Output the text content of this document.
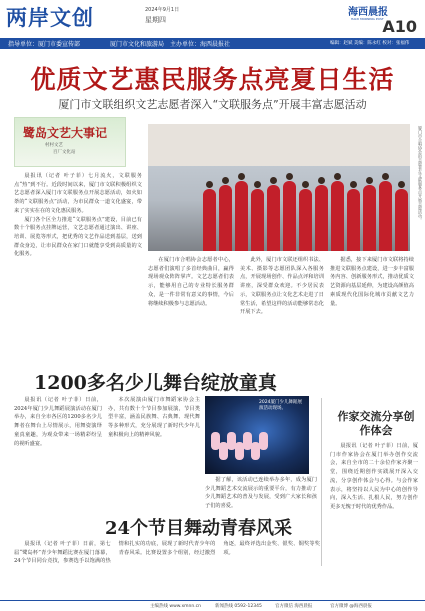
两岸文创	2024年9月1日
星期四
海西晨报
HAIXI MORNING POST
A10
指导单位：厦门市委宣传部	厦门市文化和旅游局 主办单位：海西晨报社	编辑：赵斌 美编：陈永红 校对：张福伟
优质文艺惠民服务点亮夏日生活
厦门市文联组织文艺志愿者深入“文联服务点”开展丰富志愿活动
鹭岛文艺大事记
村村文艺
百厂文化站	厦门市合唱协会的志愿者在文联服务点开展志愿活动。

晨报讯（记者 叶子菲）七月流火，文联服务点“热”到不行。近段时间以来，厦门市文联积极组织文艺志愿者深入厦门市文联服务点开展志愿活动，如火如荼的“文联服务点”活动，为市民群众一道文化盛宴，带来了实实在在的文化惠民服务。

厦门各个区全力推进“文联服务点”建设，目前已有数十个服务点挂牌运营，文艺志愿者通过演出、讲座、培训、展览等形式，把优秀的文艺作品送到基层，送到群众身边，让市民群众在家门口就能享受到高质量的文化服务。

在厦门市合唱协会志愿者中心，志愿者们演唱了多首经典曲目，赢得现场观众阵阵掌声。文艺志愿者们表示，能够用自己的专业特长服务群众，是一件非常有意义的事情，今后将继续积极参与志愿活动。

此外，厦门市文联还组织书法、美术、摄影等志愿团队深入各服务点，开展现场创作、作品点评和培训讲座，深受群众欢迎。不少居民表示，文联服务点让文化艺术走进了日常生活，希望这样的活动能够常态化开展下去。

据悉，接下来厦门市文联将持续推进文联服务点建设，进一步丰富服务内容、创新服务形式，推动优质文艺资源向基层延伸，为建设高颜值高素质现代化国际化城市贡献文艺力量。

1200多名少儿舞台绽放童真

晨报讯（记者 叶子菲）日前，2024年厦门少儿舞蹈展演活动在厦门举办，来自全市各区的1200多名少儿舞者在舞台上尽情展示，用舞姿演绎童真童趣，为观众带来一场精彩纷呈的视听盛宴。

本次展演由厦门市舞蹈家协会主办，共有数十个节目参加展演，节目类型丰富，涵盖民族舞、古典舞、现代舞等多种形式，充分展现了新时代少年儿童积极向上的精神风貌。

2024厦门少儿舞蹈展演活动现场。

据了解，该活动已连续举办多年，成为厦门少儿舞蹈艺术交流展示的重要平台，有力推动了少儿舞蹈艺术的普及与发展，受到广大家长和孩子们的喜爱。

作家交流分享创作体会

晨报讯（记者 叶子菲）日前，厦门市作家协会在厦门举办创作交流会，来自全市的二十余位作家齐聚一堂，围绕近期创作实践展开深入交流，分享创作体会与心得。与会作家表示，将坚持以人民为中心的创作导向，深入生活、扎根人民，努力创作更多无愧于时代的优秀作品。

24个节目舞动青春风采

晨报讯（记者 叶子菲）日前，第七届“鹭岛杯”青少年舞蹈比赛在厦门落幕，24个节目同台竞技，参赛选手以饱满的热情和扎实的功底，展现了新时代青少年的青春风采。比赛设置多个组别，经过激烈角逐，最终评选出金奖、银奖、铜奖等奖项。

主编热线 www.xmnn.cn	新闻热线 0592-12345	官方微信 海西晨报	官方微博 @海西晨报
